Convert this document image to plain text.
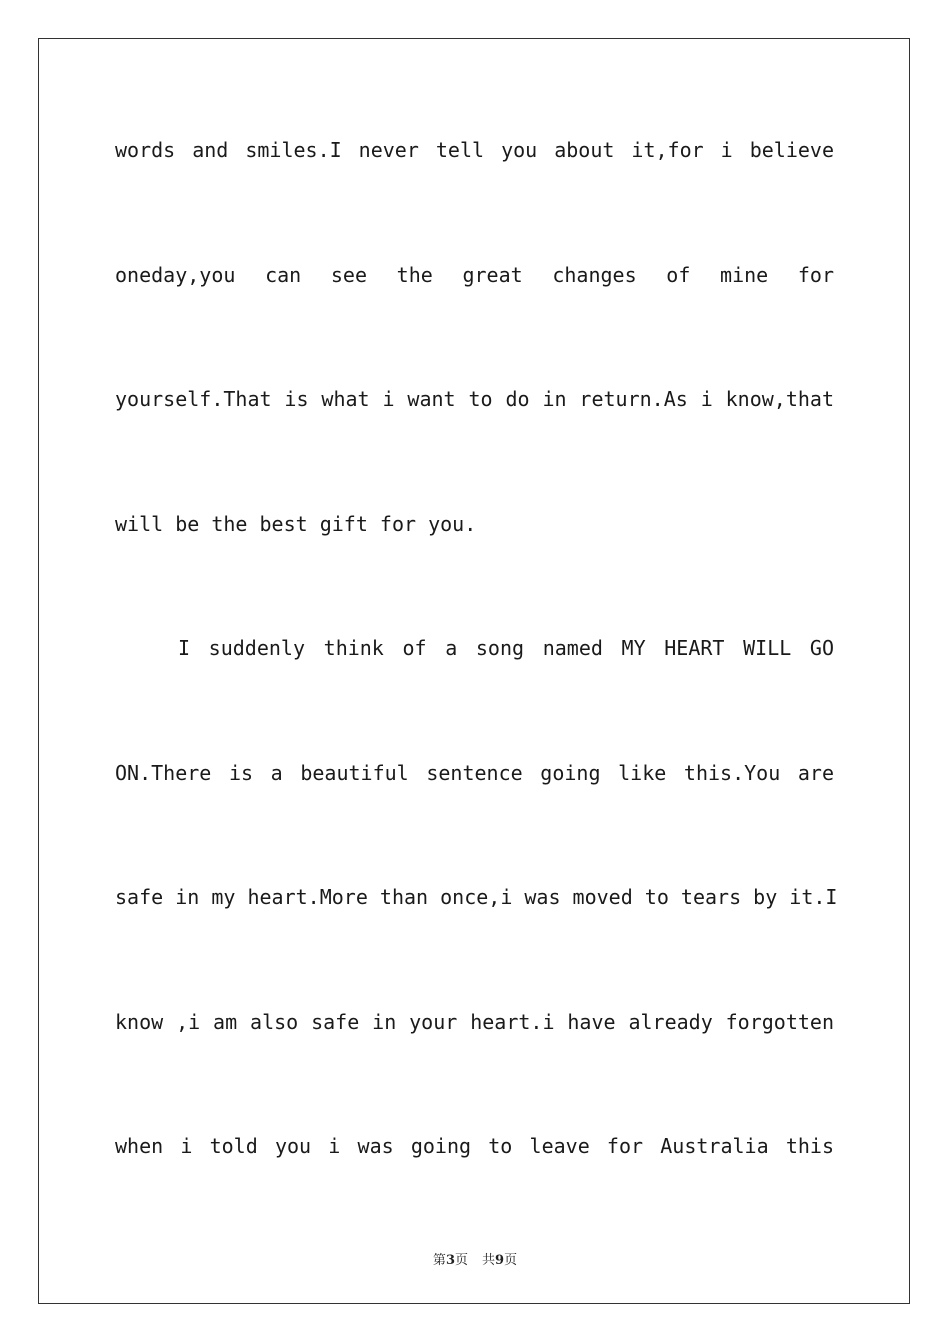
words and smiles.I never tell you about it,for i believe
oneday,you can see the great changes of mine for
yourself.That is what i want to do in return.As i know,that
will be the best gift for you.
I suddenly think of a song named MY HEART WILL GO
ON.There is a beautiful sentence going like this.You are
safe in my heart.More than once,i was moved to tears by it.I
know ,i am also safe in your heart.i have already forgotten
when i told you i was going to leave for Australia this
第3页 共9页
